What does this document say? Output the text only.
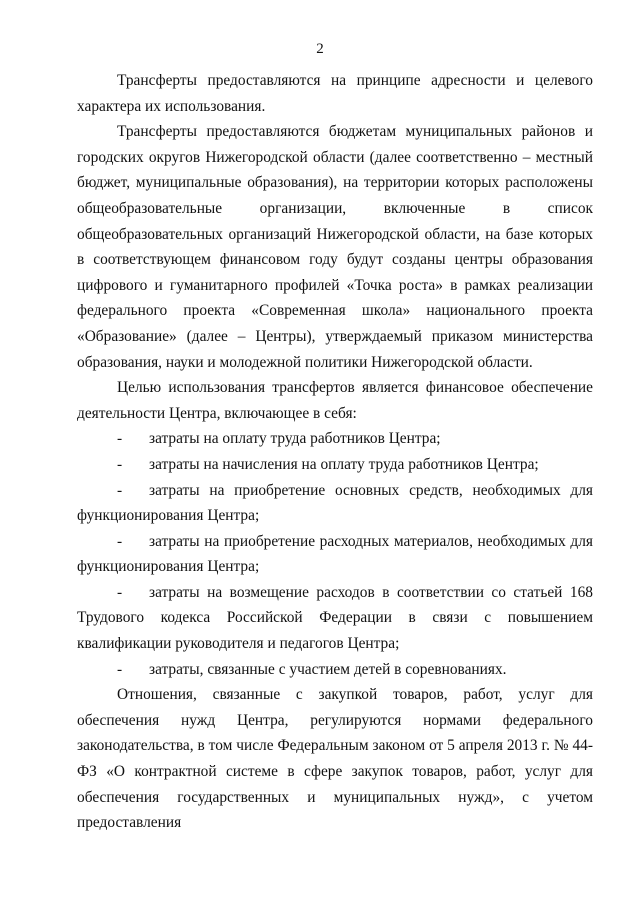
2

Трансферты предоставляются на принципе адресности и целевого характера их использования.

Трансферты предоставляются бюджетам муниципальных районов и городских округов Нижегородской области (далее соответственно – местный бюджет, муниципальные образования), на территории которых расположены общеобразовательные организации, включенные в список общеобразовательных организаций Нижегородской области, на базе которых в соответствующем финансовом году будут созданы центры образования цифрового и гуманитарного профилей «Точка роста» в рамках реализации федерального проекта «Современная школа» национального проекта «Образование» (далее – Центры), утверждаемый приказом министерства образования, науки и молодежной политики Нижегородской области.

Целью использования трансфертов является финансовое обеспечение деятельности Центра, включающее в себя:

- затраты на оплату труда работников Центра;

- затраты на начисления на оплату труда работников Центра;

- затраты на приобретение основных средств, необходимых для функционирования Центра;

- затраты на приобретение расходных материалов, необходимых для функционирования Центра;

- затраты на возмещение расходов в соответствии со статьей 168 Трудового кодекса Российской Федерации в связи с повышением квалификации руководителя и педагогов Центра;

- затраты, связанные с участием детей в соревнованиях.

Отношения, связанные с закупкой товаров, работ, услуг для обеспечения нужд Центра, регулируются нормами федерального законодательства, в том числе Федеральным законом от 5 апреля 2013 г. № 44-ФЗ «О контрактной системе в сфере закупок товаров, работ, услуг для обеспечения государственных и муниципальных нужд», с учетом предоставления
